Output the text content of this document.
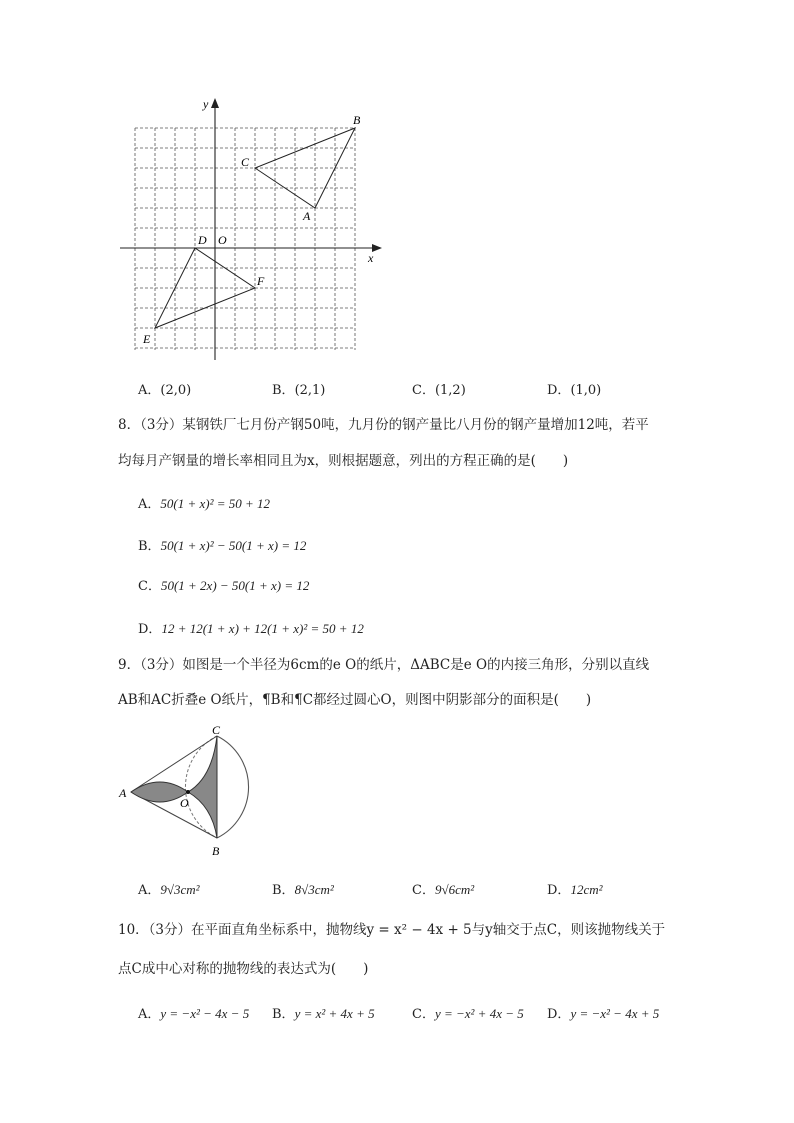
x
y
O
A
B
C
D
E
F
A．(2,0)	B．(2,1)	C．(1,2)	D．(1,0)
8．（3分）某钢铁厂七月份产钢50吨，九月份的钢产量比八月份的钢产量增加12吨，若平
均每月产钢量的增长率相同且为x，则根据题意，列出的方程正确的是(　　)
A．50(1 + x)² = 50 + 12
B．50(1 + x)² − 50(1 + x) = 12
C．50(1 + 2x) − 50(1 + x) = 12
D．12 + 12(1 + x) + 12(1 + x)² = 50 + 12
9．（3分）如图是一个半径为6cm的e O的纸片，ΔABC是e O的内接三角形，分别以直线
AB和AC折叠e O纸片，¶B和¶C都经过圆心O，则图中阴影部分的面积是(　　)
A
B
C
O
A．9√3cm²	B．8√3cm²	C．9√6cm²	D．12cm²
10．（3分）在平面直角坐标系中，抛物线y = x² − 4x + 5与y轴交于点C，则该抛物线关于
点C成中心对称的抛物线的表达式为(　　)
A．y = −x² − 4x − 5 B．y = x² + 4x + 5	C．y = −x² + 4x − 5 D．y = −x² − 4x + 5
